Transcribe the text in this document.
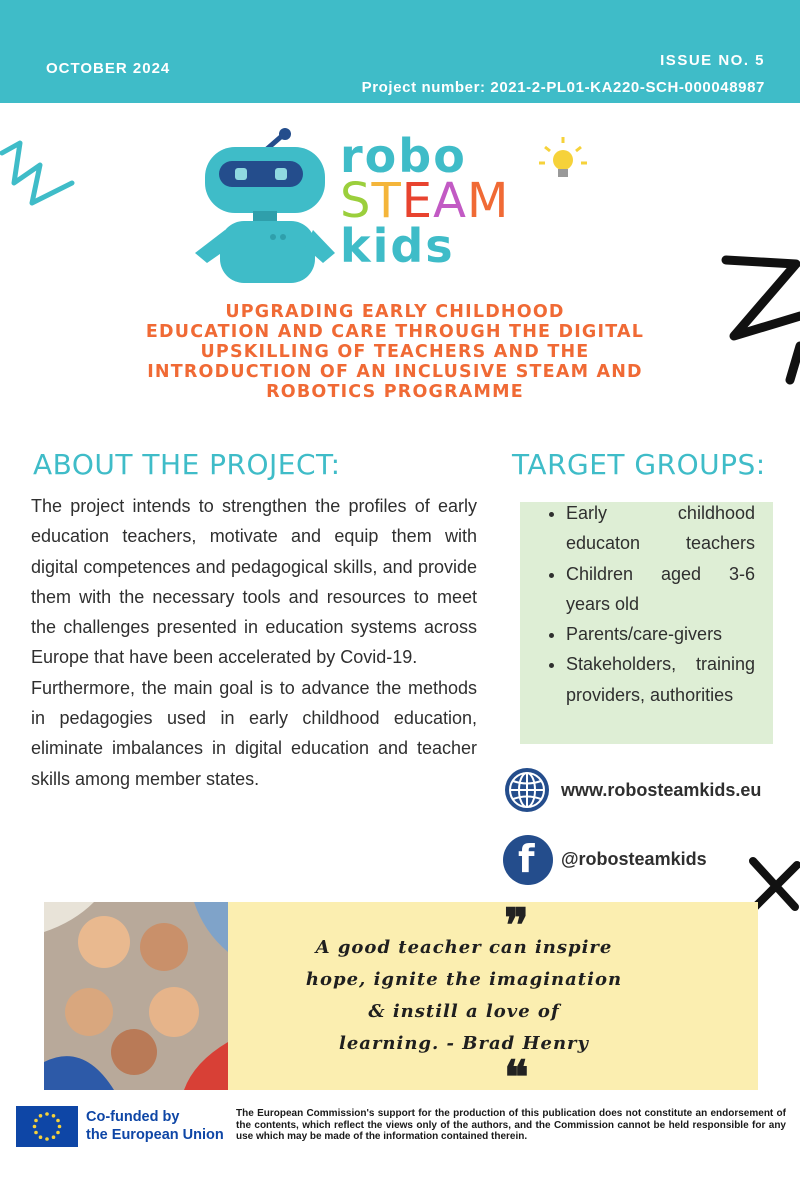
OCTOBER 2024	ISSUE NO. 5
Project number: 2021-2-PL01-KA220-SCH-000048987
robo
STEAM
kids
UPGRADING EARLY CHILDHOOD
EDUCATION AND CARE THROUGH THE DIGITAL
UPSKILLING OF TEACHERS AND THE
INTRODUCTION OF AN INCLUSIVE STEAM AND
ROBOTICS PROGRAMME
ABOUT THE PROJECT:

The project intends to strengthen the profiles of early education teachers, motivate and equip them with digital competences and pedagogical skills, and provide them with the necessary tools and resources to meet the challenges presented in education systems across Europe that have been accelerated by Covid-19.

Furthermore, the main goal is to advance the methods in pedagogies used in early childhood education, eliminate imbalances in digital education and teacher skills among member states.

TARGET GROUPS:
• Early childhood educaton teachers
• Children aged 3-6 years old
• Parents/care-givers
• Stakeholders, training providers, authorities
www.robosteamkids.eu
f @robosteamkids
❞
A good teacher can inspire
hope, ignite the imagination
& instill a love of
learning. - Brad Henry
❝
Co-funded by
the European Union
The European Commission's support for the production of this publication does not constitute an endorsement of the contents, which reflect the views only of the authors, and the Commission cannot be held responsible for any use which may be made of the information contained therein.
